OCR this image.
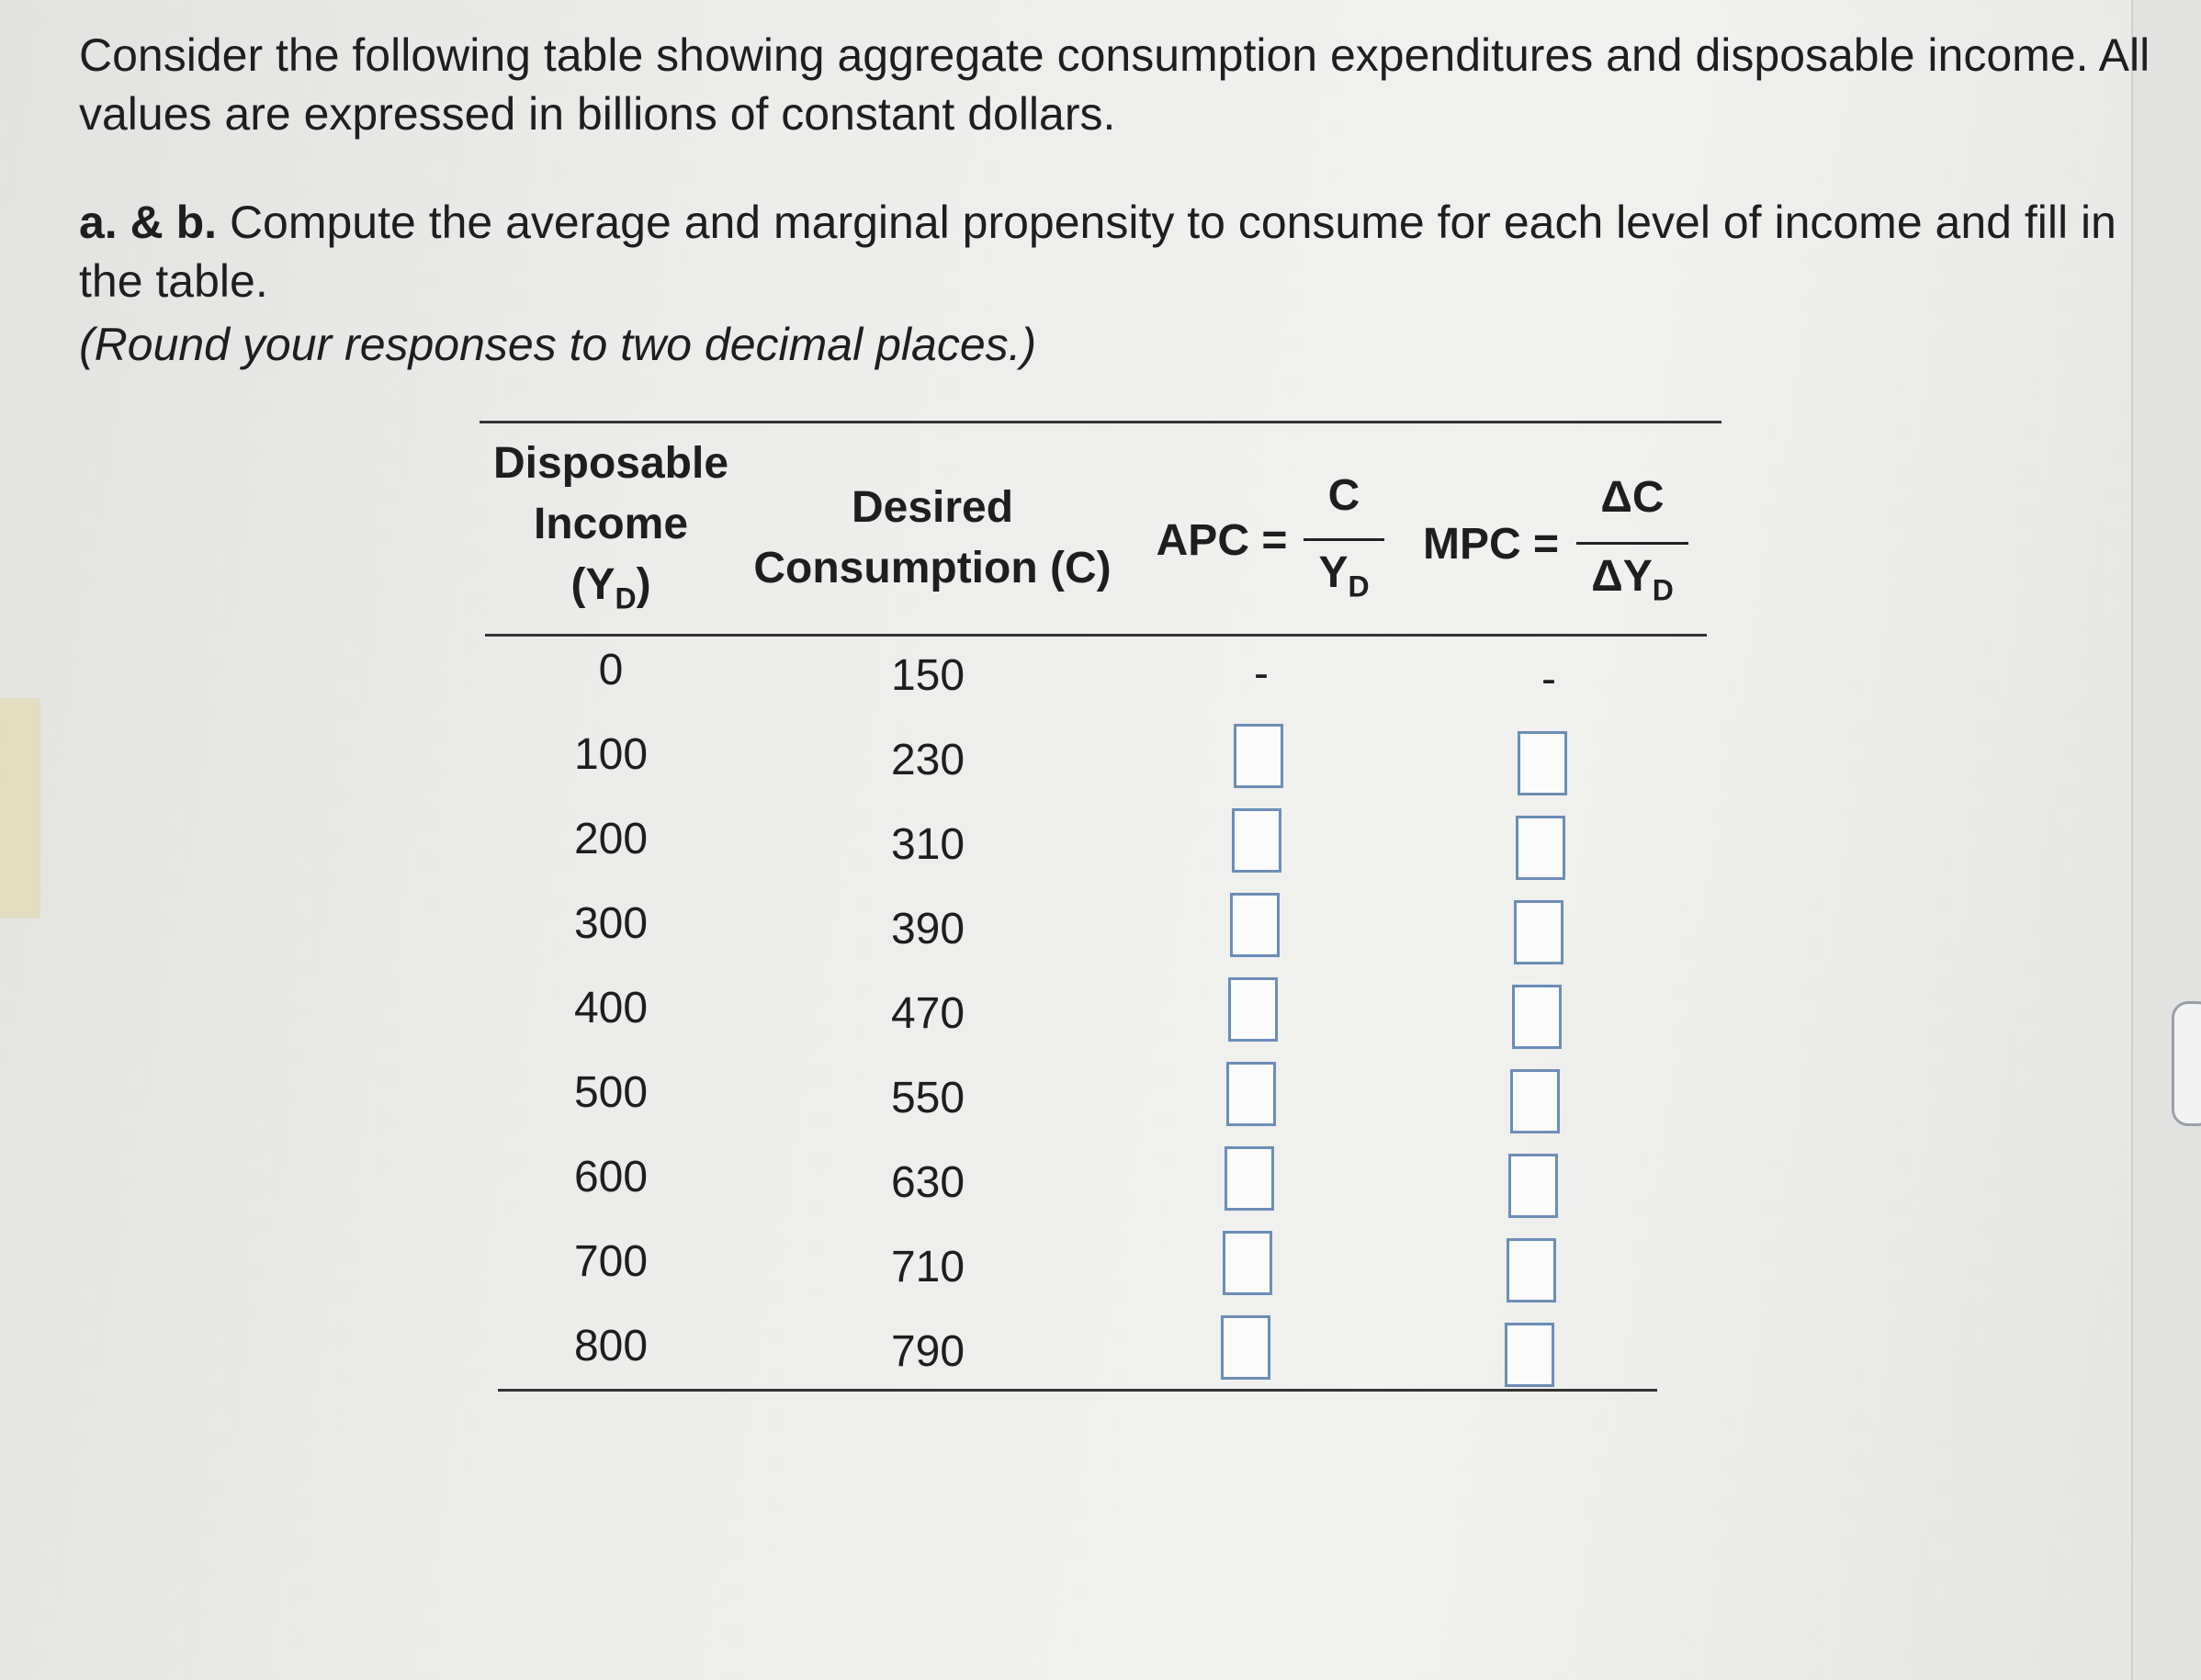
Consider the following table showing aggregate consumption expenditures and disposable income. All values are expressed in billions of constant dollars.

a. & b. Compute the average and marginal propensity to consume for each level of income and fill in the table.

(Round your responses to two decimal places.)

Disposable
Income
$(Y_D)$
Desired
Consumption (C)
APC =
C
$Y_D$
MPC =
ΔC
$\Delta Y_D$
0	150	-	-
100	230
200	310
300	390
400	470
500	550
600	630
700	710
800	790
